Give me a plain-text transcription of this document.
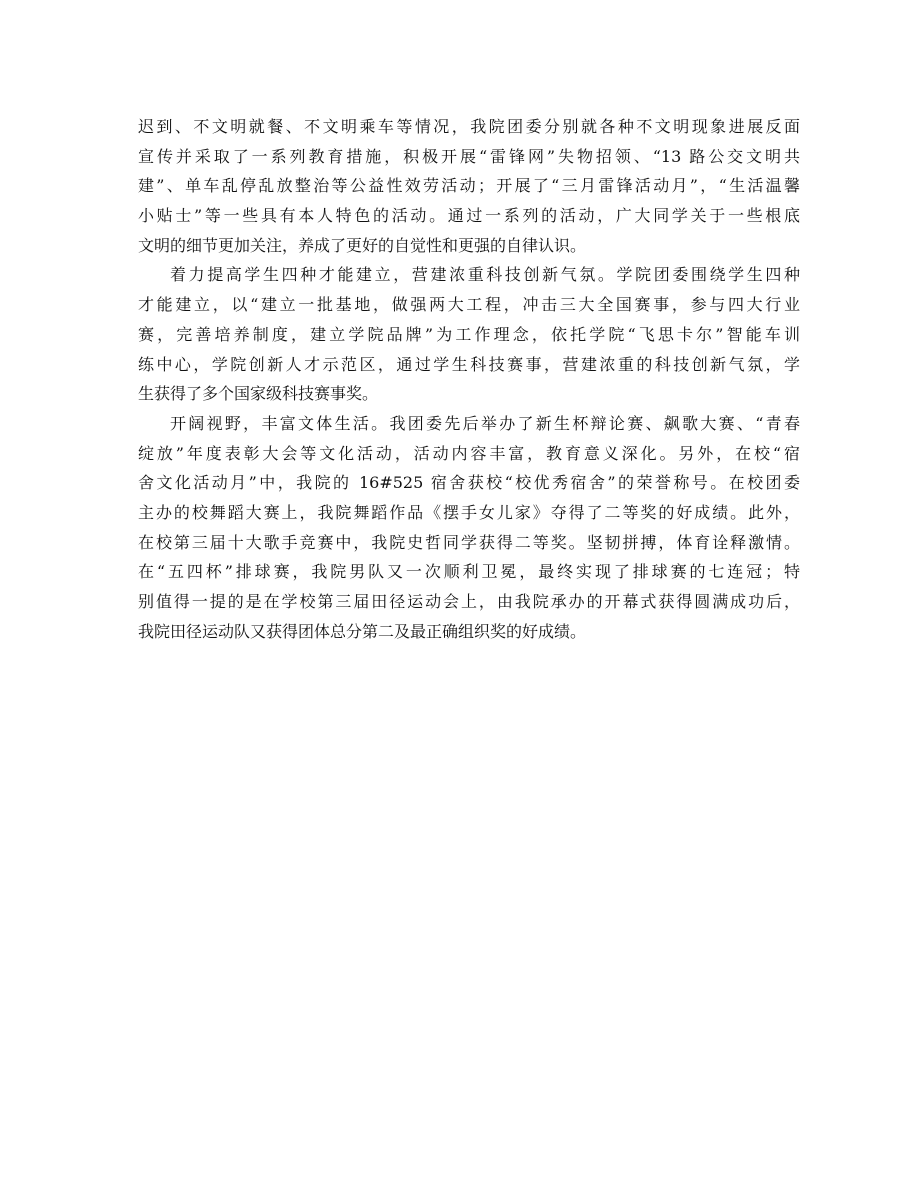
迟到、不文明就餐、不文明乘车等情况，我院团委分别就各种不文明现象进展反面
宣传并采取了一系列教育措施，积极开展“雷锋网”失物招领、“13 路公交文明共
建”、单车乱停乱放整治等公益性效劳活动；开展了“三月雷锋活动月”，“生活温馨
小贴士”等一些具有本人特色的活动。通过一系列的活动，广大同学关于一些根底
文明的细节更加关注，养成了更好的自觉性和更强的自律认识。
着力提高学生四种才能建立，营建浓重科技创新气氛。学院团委围绕学生四种
才能建立，以“建立一批基地，做强两大工程，冲击三大全国赛事，参与四大行业
赛，完善培养制度，建立学院品牌”为工作理念，依托学院“飞思卡尔”智能车训
练中心，学院创新人才示范区，通过学生科技赛事，营建浓重的科技创新气氛，学
生获得了多个国家级科技赛事奖。
开阔视野，丰富文体生活。我团委先后举办了新生杯辩论赛、飙歌大赛、“青春
绽放”年度表彰大会等文化活动，活动内容丰富，教育意义深化。另外，在校“宿
舍文化活动月”中，我院的 16#525 宿舍获校“校优秀宿舍”的荣誉称号。在校团委
主办的校舞蹈大赛上，我院舞蹈作品《摆手女儿家》夺得了二等奖的好成绩。此外，
在校第三届十大歌手竞赛中，我院史哲同学获得二等奖。坚韧拼搏，体育诠释激情。
在“五四杯”排球赛，我院男队又一次顺利卫冕，最终实现了排球赛的七连冠；特
别值得一提的是在学校第三届田径运动会上，由我院承办的开幕式获得圆满成功后，
我院田径运动队又获得团体总分第二及最正确组织奖的好成绩。
